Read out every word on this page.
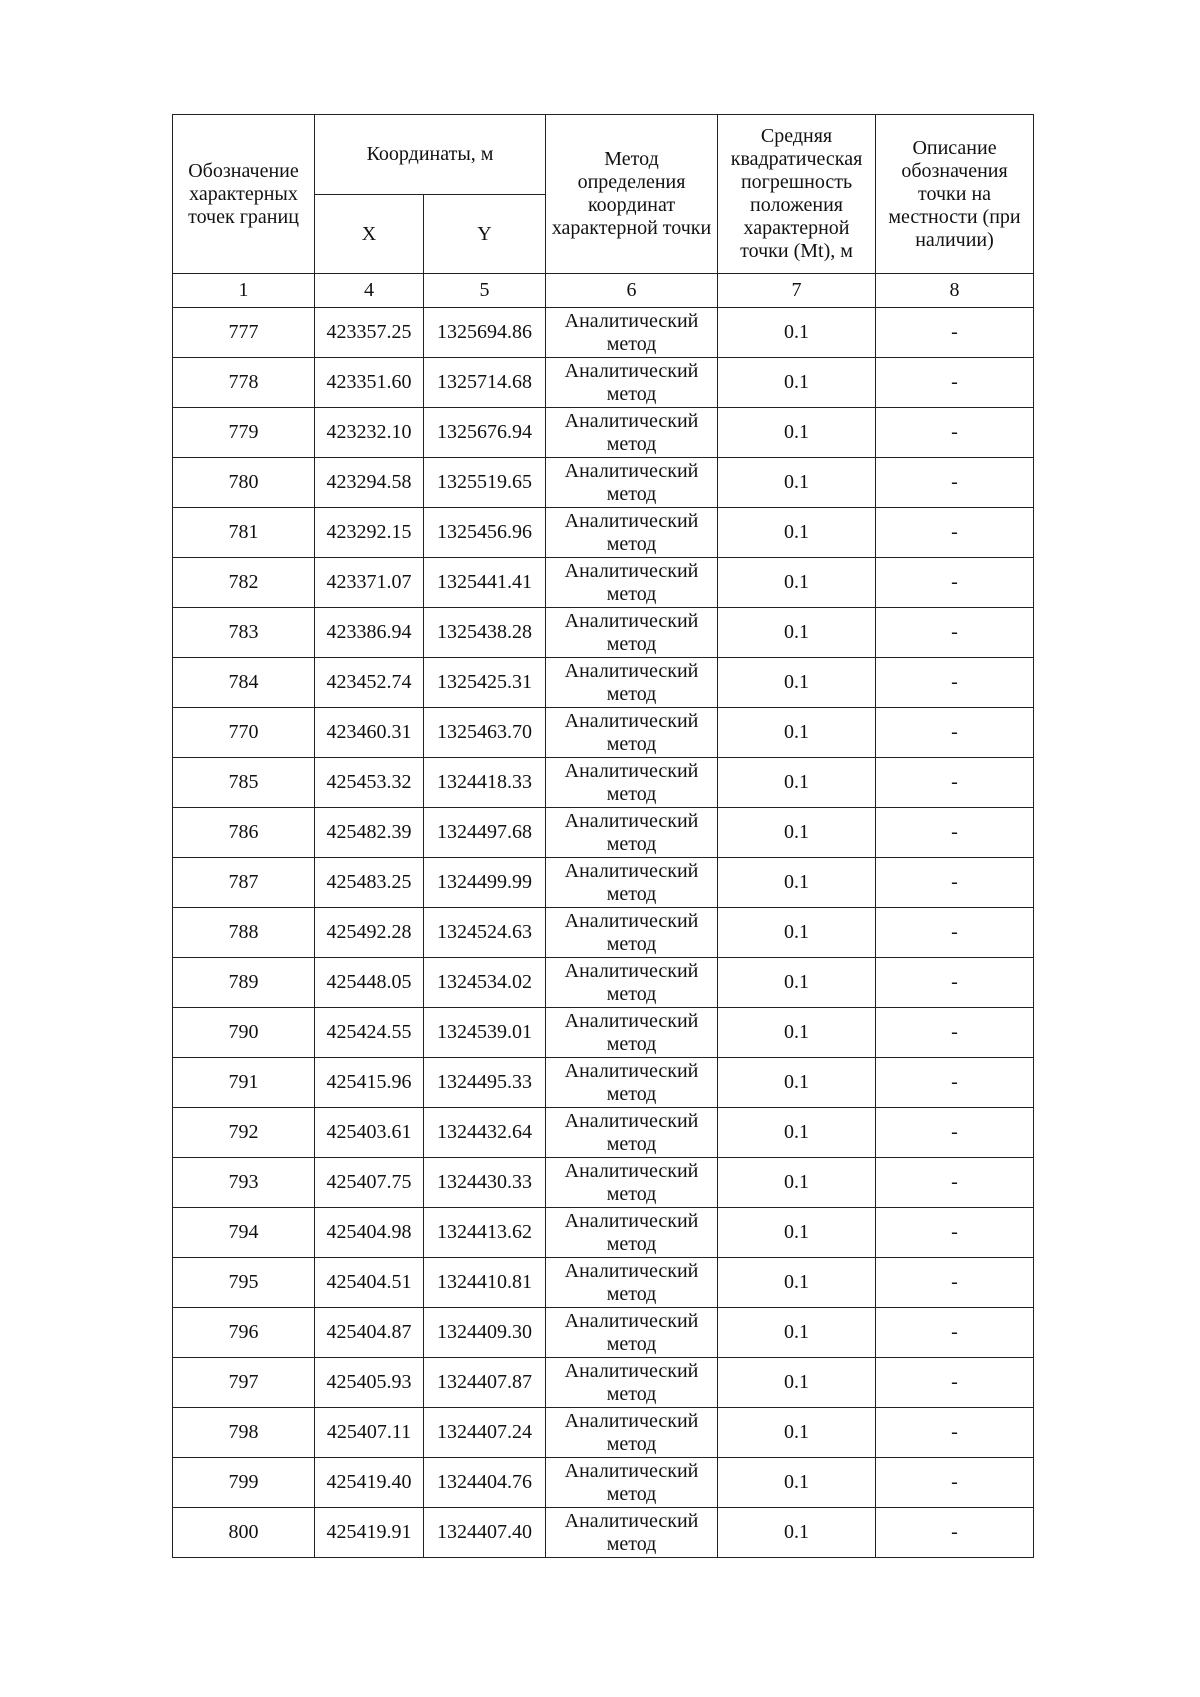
Обозначение характерных точек границ	Координаты, м		Метод определения координат характерной точки	Средняя квадратическая погрешность положения характерной точки (Mt), м	Описание обозначения точки на местности (при наличии)
	X	Y			
1	4	5	6	7	8
777	423357.25	1325694.86	Аналитический метод	0.1	-
778	423351.60	1325714.68	Аналитический метод	0.1	-
779	423232.10	1325676.94	Аналитический метод	0.1	-
780	423294.58	1325519.65	Аналитический метод	0.1	-
781	423292.15	1325456.96	Аналитический метод	0.1	-
782	423371.07	1325441.41	Аналитический метод	0.1	-
783	423386.94	1325438.28	Аналитический метод	0.1	-
784	423452.74	1325425.31	Аналитический метод	0.1	-
770	423460.31	1325463.70	Аналитический метод	0.1	-
785	425453.32	1324418.33	Аналитический метод	0.1	-
786	425482.39	1324497.68	Аналитический метод	0.1	-
787	425483.25	1324499.99	Аналитический метод	0.1	-
788	425492.28	1324524.63	Аналитический метод	0.1	-
789	425448.05	1324534.02	Аналитический метод	0.1	-
790	425424.55	1324539.01	Аналитический метод	0.1	-
791	425415.96	1324495.33	Аналитический метод	0.1	-
792	425403.61	1324432.64	Аналитический метод	0.1	-
793	425407.75	1324430.33	Аналитический метод	0.1	-
794	425404.98	1324413.62	Аналитический метод	0.1	-
795	425404.51	1324410.81	Аналитический метод	0.1	-
796	425404.87	1324409.30	Аналитический метод	0.1	-
797	425405.93	1324407.87	Аналитический метод	0.1	-
798	425407.11	1324407.24	Аналитический метод	0.1	-
799	425419.40	1324404.76	Аналитический метод	0.1	-
800	425419.91	1324407.40	Аналитический метод	0.1	-
